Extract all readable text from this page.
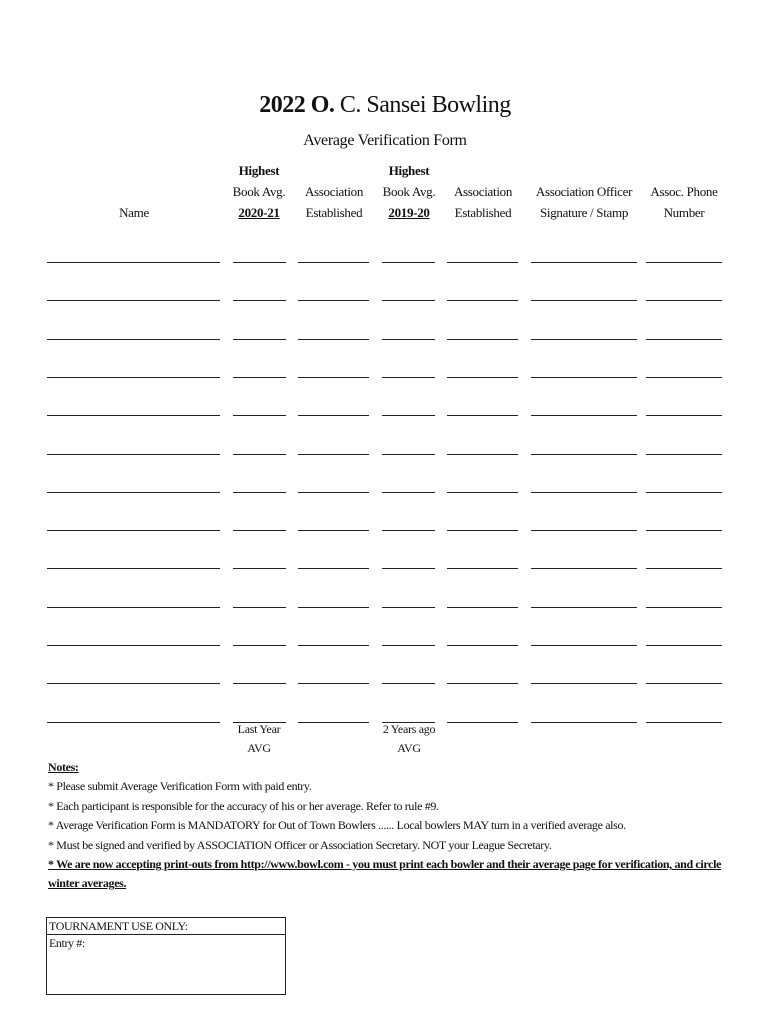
2022 O. C. Sansei Bowling
Average Verification Form
Name
Highest
Book Avg.
2020-21
Association
Established
Highest
Book Avg.
2019-20
Association
Established
Association Officer
Signature / Stamp
Assoc. Phone
Number
Last Year
AVG
2 Years ago
AVG
Notes:
* Please submit Average Verification Form with paid entry.
* Each participant is responsible for the accuracy of his or her average. Refer to rule #9.
* Average Verification Form is MANDATORY for Out of Town Bowlers ...... Local bowlers MAY turn in a verified average also.
* Must be signed and verified by ASSOCIATION Officer or Association Secretary. NOT your League Secretary.
* We are now accepting print-outs from http://www.bowl.com - you must print each bowler and their average page for verification, and circle winter averages.
TOURNAMENT USE ONLY:
Entry #:
